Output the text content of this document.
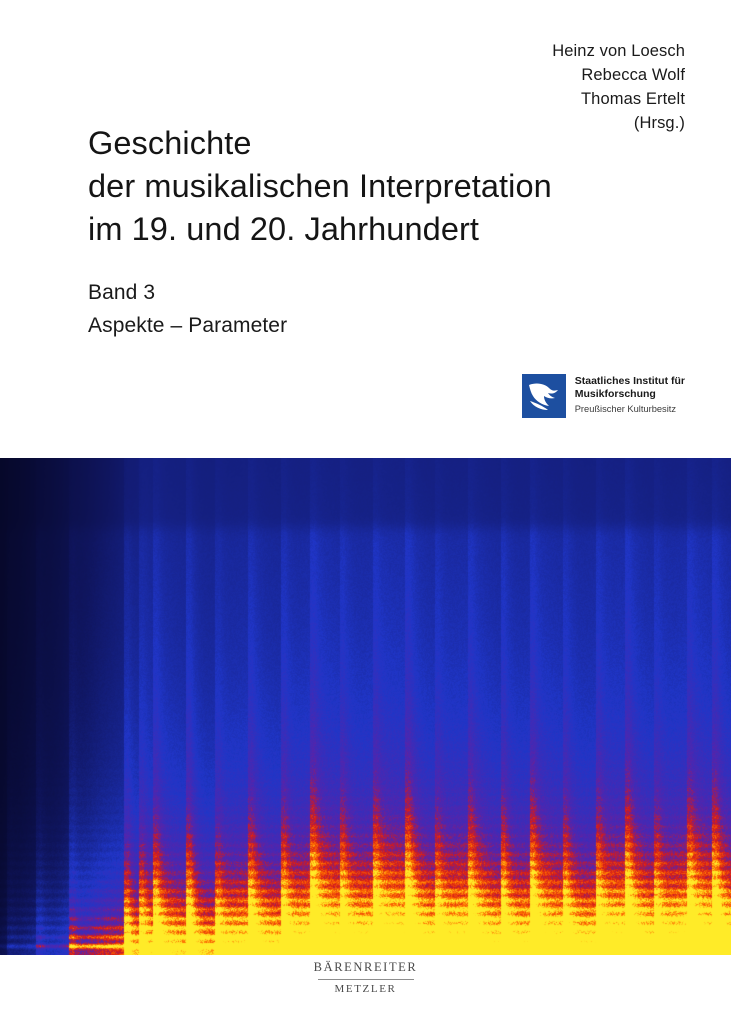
Heinz von Loesch
Rebecca Wolf
Thomas Ertelt
(Hrsg.)
Geschichte
der musikalischen Interpretation
im 19. und 20. Jahrhundert
Band 3
Aspekte – Parameter
Staatliches Institut für
Musikforschung
Preußischer Kulturbesitz
BÄRENREITER
METZLER
